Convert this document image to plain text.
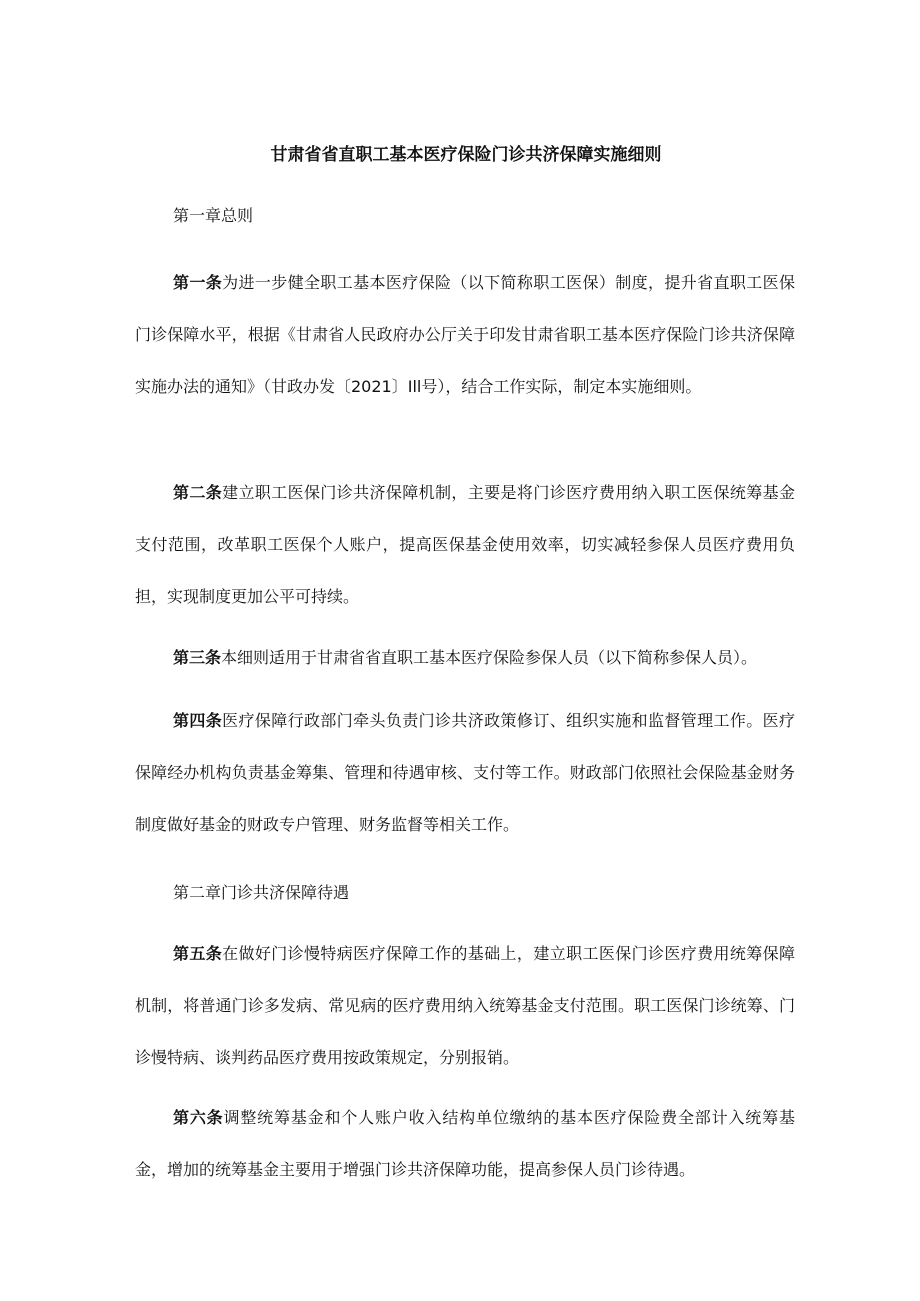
甘肃省省直职工基本医疗保险门诊共济保障实施细则
第一章总则
第一条为进一步健全职工基本医疗保险（以下简称职工医保）制度，提升省直职工医保门诊保障水平，根据《甘肃省人民政府办公厅关于印发甘肃省职工基本医疗保险门诊共济保障实施办法的通知》（甘政办发〔2021〕Ill号），结合工作实际，制定本实施细则。
第二条建立职工医保门诊共济保障机制，主要是将门诊医疗费用纳入职工医保统筹基金支付范围，改革职工医保个人账户，提高医保基金使用效率，切实减轻参保人员医疗费用负担，实现制度更加公平可持续。
第三条本细则适用于甘肃省省直职工基本医疗保险参保人员（以下简称参保人员）。
第四条医疗保障行政部门牵头负责门诊共济政策修订、组织实施和监督管理工作。医疗保障经办机构负责基金筹集、管理和待遇审核、支付等工作。财政部门依照社会保险基金财务制度做好基金的财政专户管理、财务监督等相关工作。
第二章门诊共济保障待遇
第五条在做好门诊慢特病医疗保障工作的基础上，建立职工医保门诊医疗费用统筹保障机制，将普通门诊多发病、常见病的医疗费用纳入统筹基金支付范围。职工医保门诊统筹、门诊慢特病、谈判药品医疗费用按政策规定，分别报销。
第六条调整统筹基金和个人账户收入结构单位缴纳的基本医疗保险费全部计入统筹基金，增加的统筹基金主要用于增强门诊共济保障功能，提高参保人员门诊待遇。
